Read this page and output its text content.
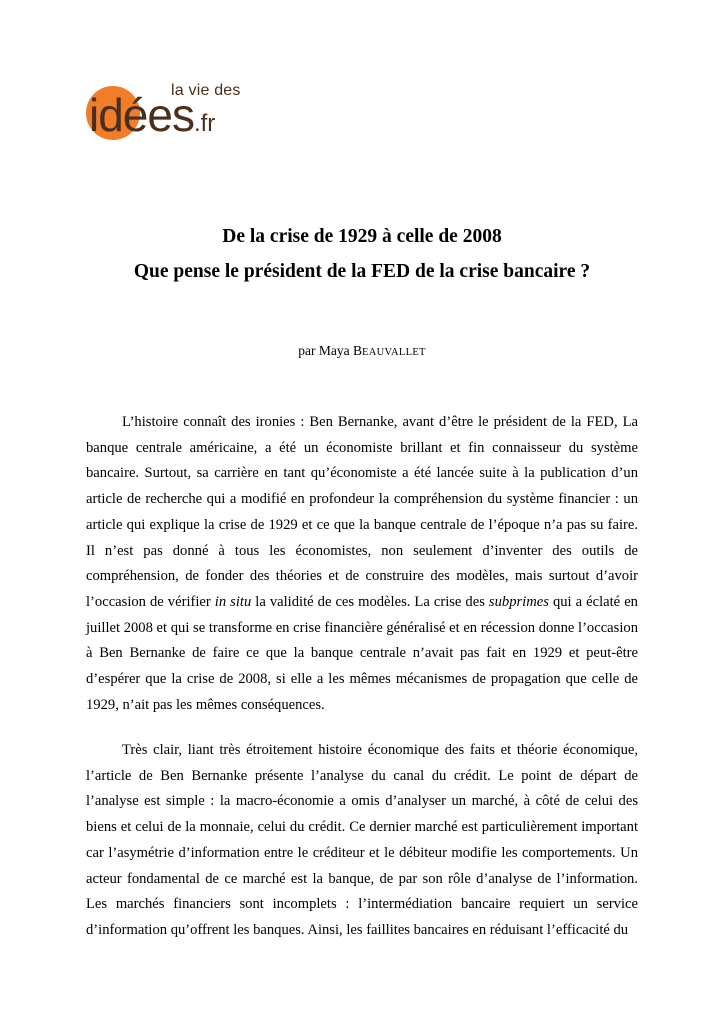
la vie des
idées.fr
De la crise de 1929 à celle de 2008
Que pense le président de la FED de la crise bancaire ?
par Maya BEAUVALLET
L’histoire connaît des ironies : Ben Bernanke, avant d’être le président de la FED, La banque centrale américaine, a été un économiste brillant et fin connaisseur du système bancaire. Surtout, sa carrière en tant qu’économiste a été lancée suite à la publication d’un article de recherche qui a modifié en profondeur la compréhension du système financier : un article qui explique la crise de 1929 et ce que la banque centrale de l’époque n’a pas su faire. Il n’est pas donné à tous les économistes, non seulement d’inventer des outils de compréhension, de fonder des théories et de construire des modèles, mais surtout d’avoir l’occasion de vérifier in situ la validité de ces modèles. La crise des subprimes qui a éclaté en juillet 2008 et qui se transforme en crise financière généralisé et en récession donne l’occasion à Ben Bernanke de faire ce que la banque centrale n’avait pas fait en 1929 et peut-être d’espérer que la crise de 2008, si elle a les mêmes mécanismes de propagation que celle de 1929, n’ait pas les mêmes conséquences.
Très clair, liant très étroitement histoire économique des faits et théorie économique, l’article de Ben Bernanke présente l’analyse du canal du crédit. Le point de départ de l’analyse est simple : la macro-économie a omis d’analyser un marché, à côté de celui des biens et celui de la monnaie, celui du crédit. Ce dernier marché est particulièrement important car l’asymétrie d’information entre le créditeur et le débiteur modifie les comportements. Un acteur fondamental de ce marché est la banque, de par son rôle d’analyse de l’information. Les marchés financiers sont incomplets : l’intermédiation bancaire requiert un service d’information qu’offrent les banques. Ainsi, les faillites bancaires en réduisant l’efficacité du
